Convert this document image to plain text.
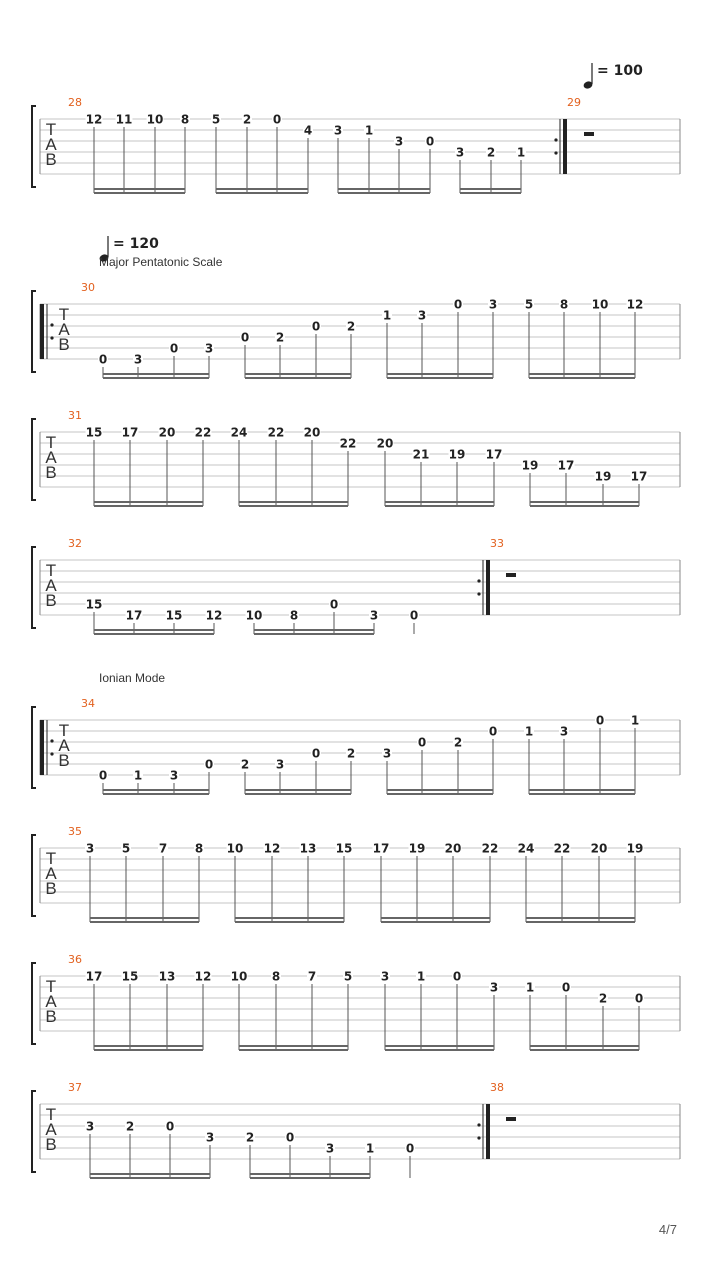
T
A
B
28
12 11 10 8 5 2 0
4 3 1
3 0
3 2 1
29
T
A
B
30
0 3
0 3
0 2
0 2
1 3
0 3 5 8 10 12
T
A
B
31
15 17 20 22 24 22 20
22 20
21 19 17
19 17
19 17
T
A
B
32
15
17 15 12 10 8
0
3	0
33
T
A
B
34
0 1 3
0 2 3
0 2 3
0 2
0 1 3
0 1
T
A
B
35
3 5 7 8 10 12 13 15 17 19 20 22 24 22 20 19
T
A
B
36
17 15 13 12 10 8 7 5 3 1 0
3 1 0
2 0
T
A
B
37
3	2	0
3	2	0
3	1	0
38
= 100
= 120
Major Pentatonic Scale
Ionian Mode
4/7
